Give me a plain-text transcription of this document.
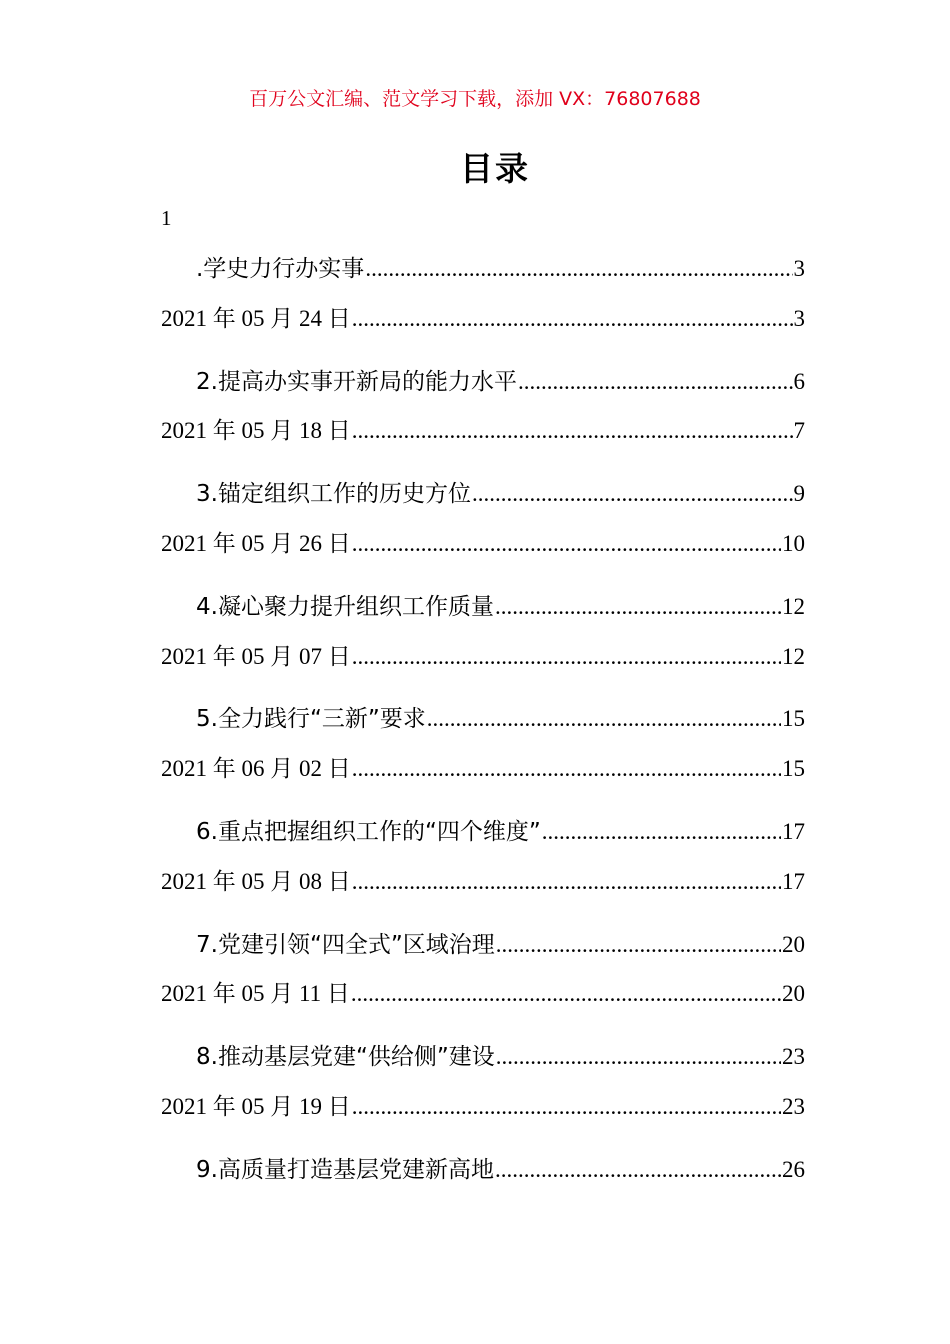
百万公文汇编、范文学习下载，添加 VX：76807688
目录
1
.学史力行办实事 .....	3
2021 年 05 月 24 日 .....	3
2.提高办实事开新局的能力水平 .....	6
2021 年 05 月 18 日 .....	7
3.锚定组织工作的历史方位 .....	9
2021 年 05 月 26 日 .....	10
4.凝心聚力提升组织工作质量 .....	12
2021 年 05 月 07 日 .....	12
5.全力践行“三新”要求 .....	15
2021 年 06 月 02 日 .....	15
6.重点把握组织工作的“四个维度” .....	17
2021 年 05 月 08 日 .....	17
7.党建引领“四全式”区域治理 .....	20
2021 年 05 月 11 日 .....	20
8.推动基层党建“供给侧”建设 .....	23
2021 年 05 月 19 日 .....	23
9.高质量打造基层党建新高地 .....	26
